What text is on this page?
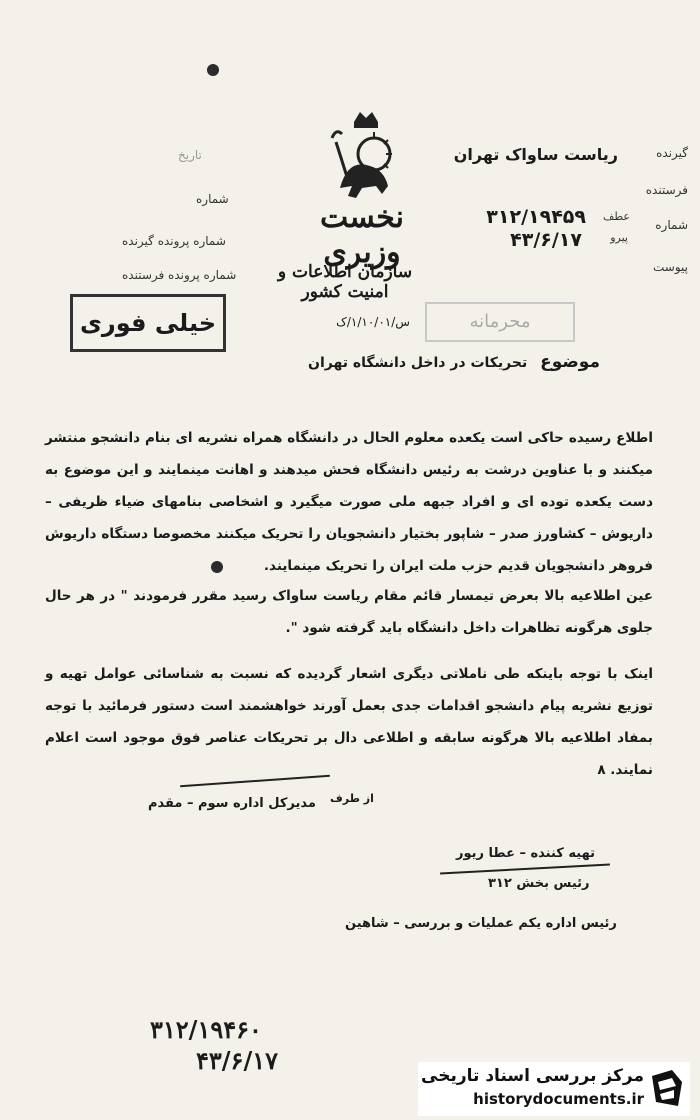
گیرنده
ریاست ساواک تهران
فرستنده
شماره
عطف
پیرو
۳۱۲/۱۹۴۵۹
۴۳/۶/۱۷
پیوست
تاریخ
شماره
شماره پرونده گیرنده
شماره پرونده فرستنده
نخست وزیری
سازمان اطلاعات و امنیت کشور
س/۱/۱۰/۰۱/ک
خیلی فوری	محرمانه
موضوع تحریکات در داخل دانشگاه تهران
اطلاع رسیده حاکی است یکعده معلوم الحال در دانشگاه همراه نشریه ای بنام دانشجو منتشر میکنند و با عناوین درشت به رئیس دانشگاه فحش میدهند و اهانت مینمایند و این موضوع به دست یکعده توده ای و افراد جبهه ملی صورت میگیرد و اشخاصی بنامهای ضیاء ظریفی – داریوش – کشاورز صدر – شاپور بختیار دانشجویان را تحریک میکنند مخصوصا دستگاه داریوش فروهر دانشجویان قدیم حزب ملت ایران را تحریک مینمایند.
عین اطلاعیه بالا بعرض تیمسار قائم مقام ریاست ساواک رسید مقرر فرمودند " در هر حال جلوی هرگونه تظاهرات داخل دانشگاه باید گرفته شود ".
اینک با توجه باینکه طی ناملاتی دیگری اشعار گردیده که نسبت به شناسائی عوامل تهیه و توزیع نشریه پیام دانشجو اقدامات جدی بعمل آورند خواهشمند است دستور فرمائید با توجه بمفاد اطلاعیه بالا هرگونه سابقه و اطلاعی دال بر تحریکات عناصر فوق موجود است اعلام نمایند. ۸
از طرف
مدیرکل اداره سوم – مقدم
تهیه کننده – عطا ریور
رئیس بخش ۳۱۲
رئیس اداره یکم عملیات و بررسی – شاهین
۳۱۲/۱۹۴۶۰
۴۳/۶/۱۷
مرکز بررسی اسناد تاریخی
historydocuments.ir
